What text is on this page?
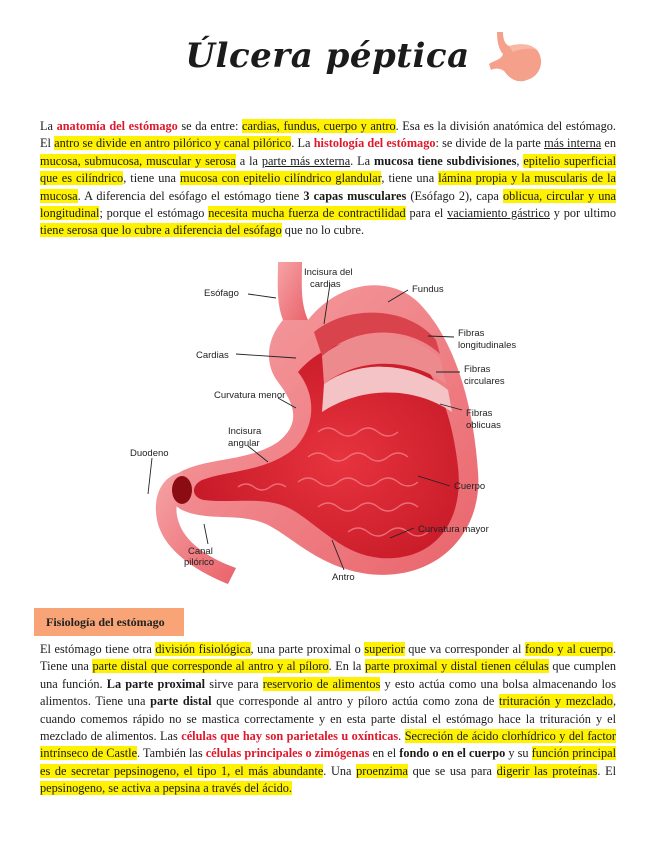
Úlcera péptica
La anatomía del estómago se da entre: cardias, fundus, cuerpo y antro. Esa es la división anatómica del estómago. El antro se divide en antro pilórico y canal pilórico. La histología del estómago: se divide de la parte más interna en mucosa, submucosa, muscular y serosa a la parte más externa. La mucosa tiene subdivisiones, epitelio superficial que es cilíndrico, tiene una mucosa con epitelio cilíndrico glandular, tiene una lámina propia y la muscularis de la mucosa. A diferencia del esófago el estómago tiene 3 capas musculares (Esófago 2), capa oblicua, circular y una longitudinal; porque el estómago necesita mucha fuerza de contractilidad para el vaciamiento gástrico y por ultimo tiene serosa que lo cubre a diferencia del esófago que no lo cubre.
Esófago
Incisura del
cardias	Fundus
Fibras
longitudinales
Fibras
circulares
Fibras
oblicuas
Cardias
Curvatura menor
Incisura
angular
Duodeno
Cuerpo
Curvatura mayor
Canal
pilórico
Antro
Fisiología del estómago
El estómago tiene otra división fisiológica, una parte proximal o superior que va corresponder al fondo y al cuerpo. Tiene una parte distal que corresponde al antro y al píloro. En la parte proximal y distal tienen células que cumplen una función. La parte proximal sirve para reservorio de alimentos y esto actúa como una bolsa almacenando los alimentos. Tiene una parte distal que corresponde al antro y píloro actúa como zona de trituración y mezclado, cuando comemos rápido no se mastica correctamente y en esta parte distal el estómago hace la trituración y el mezclado de alimentos. Las células que hay son parietales u oxínticas. Secreción de ácido clorhídrico y del factor intrínseco de Castle. También las células principales o zimógenas en el fondo o en el cuerpo y su función principal es de secretar pepsinogeno, el tipo 1, el más abundante. Una proenzima que se usa para digerir las proteínas. El pepsinogeno, se activa a pepsina a través del ácido.
